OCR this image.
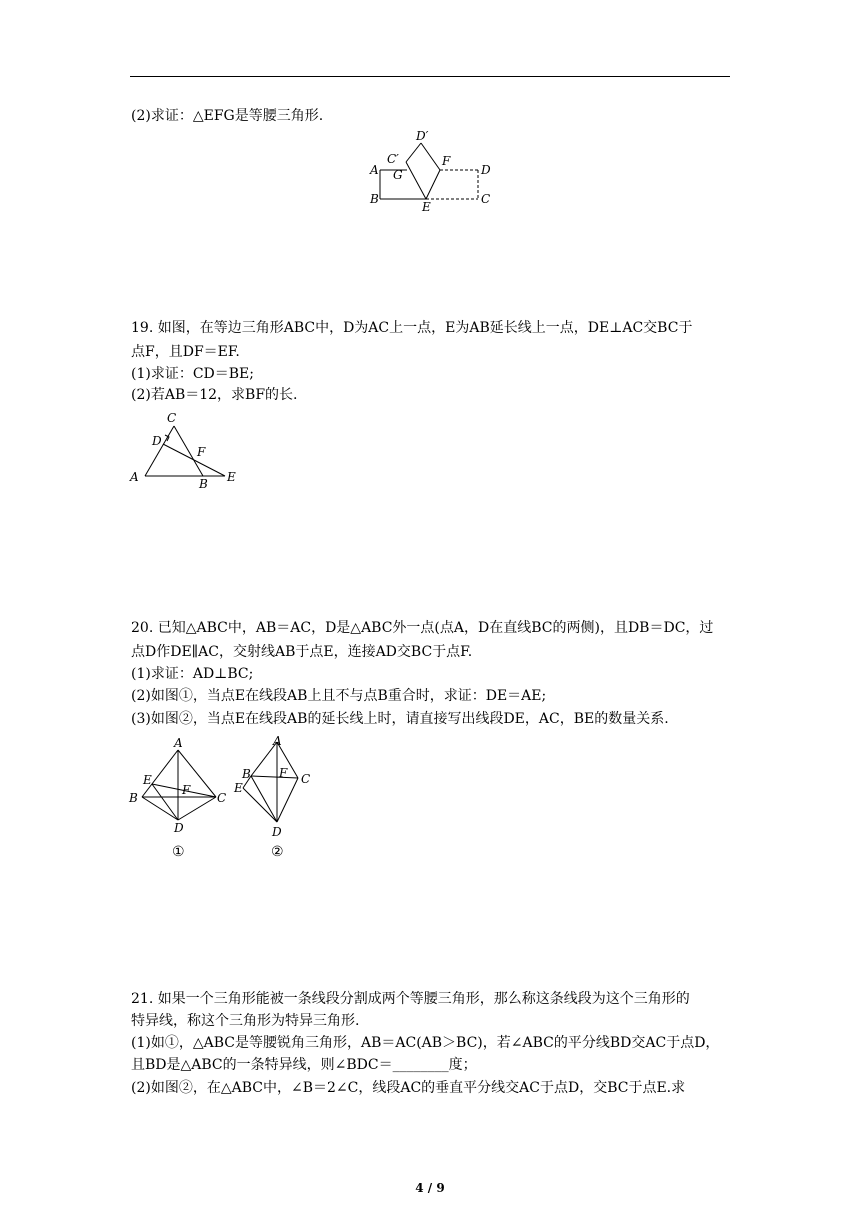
(2)求证：△EFG是等腰三角形.
D′
C′	F
A G	D
B
E
C
19. 如图，在等边三角形ABC中，D为AC上一点，E为AB延长线上一点，DE⊥AC交BC于
点F，且DF＝EF.
(1)求证：CD＝BE;
(2)若AB＝12，求BF的长.
C
D
F
A	B E
20. 已知△ABC中，AB＝AC，D是△ABC外一点(点A，D在直线BC的两侧)，且DB＝DC，过
点D作DE∥AC，交射线AB于点E，连接AD交BC于点F.
(1)求证：AD⊥BC;
(2)如图①，当点E在线段AB上且不与点B重合时，求证：DE＝AE;
(3)如图②，当点E在线段AB的延长线上时，请直接写出线段DE，AC，BE的数量关系.
A
E
F
B	C
D
①
A
F
B	C
E
D
②
21. 如果一个三角形能被一条线段分割成两个等腰三角形，那么称这条线段为这个三角形的
特异线，称这个三角形为特异三角形.
(1)如①，△ABC是等腰锐角三角形，AB＝AC(AB＞BC)，若∠ABC的平分线BD交AC于点D，
且BD是△ABC的一条特异线，则∠BDC＝________度；
(2)如图②，在△ABC中，∠B＝2∠C，线段AC的垂直平分线交AC于点D，交BC于点E.求
4 / 9
